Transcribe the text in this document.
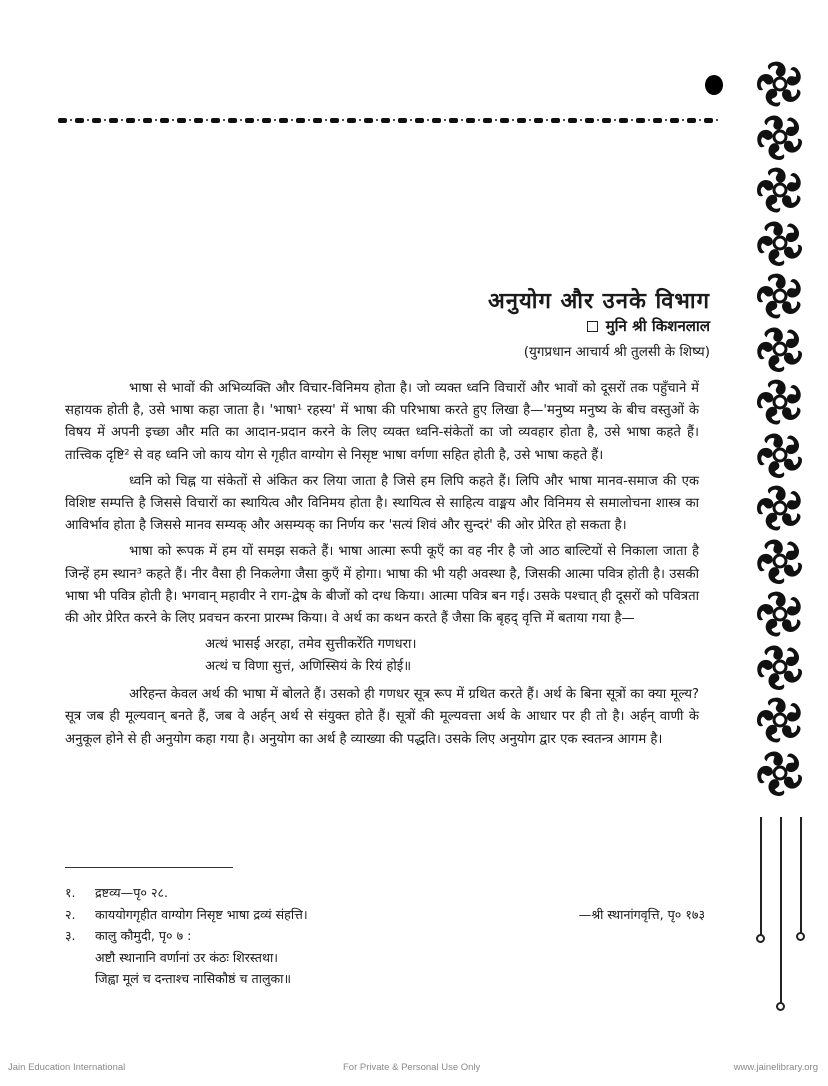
अनुयोग और उनके विभाग
मुनि श्री किशनलाल
(युगप्रधान आचार्य श्री तुलसी के शिष्य)

भाषा से भावों की अभिव्यक्ति और विचार-विनिमय होता है। जो व्यक्त ध्वनि विचारों और भावों को दूसरों तक पहुँचाने में सहायक होती है, उसे भाषा कहा जाता है। 'भाषा¹ रहस्य' में भाषा की परिभाषा करते हुए लिखा है—'मनुष्य मनुष्य के बीच वस्तुओं के विषय में अपनी इच्छा और मति का आदान-प्रदान करने के लिए व्यक्त ध्वनि-संकेतों का जो व्यवहार होता है, उसे भाषा कहते हैं। तात्त्विक दृष्टि² से वह ध्वनि जो काय योग से गृहीत वाग्योग से निसृष्ट भाषा वर्गणा सहित होती है, उसे भाषा कहते हैं।

ध्वनि को चिह्न या संकेतों से अंकित कर लिया जाता है जिसे हम लिपि कहते हैं। लिपि और भाषा मानव-समाज की एक विशिष्ट सम्पत्ति है जिससे विचारों का स्थायित्व और विनिमय होता है। स्थायित्व से साहित्य वाङ्मय और विनिमय से समालोचना शास्त्र का आविर्भाव होता है जिससे मानव सम्यक् और असम्यक् का निर्णय कर 'सत्यं शिवं और सुन्दरं' की ओर प्रेरित हो सकता है।

भाषा को रूपक में हम यों समझ सकते हैं। भाषा आत्मा रूपी कूएँ का वह नीर है जो आठ बाल्टियों से निकाला जाता है जिन्हें हम स्थान³ कहते हैं। नीर वैसा ही निकलेगा जैसा कुएँ में होगा। भाषा की भी यही अवस्था है, जिसकी आत्मा पवित्र होती है। उसकी भाषा भी पवित्र होती है। भगवान् महावीर ने राग-द्वेष के बीजों को दग्ध किया। आत्मा पवित्र बन गई। उसके पश्चात् ही दूसरों को पवित्रता की ओर प्रेरित करने के लिए प्रवचन करना प्रारम्भ किया। वे अर्थ का कथन करते हैं जैसा कि बृहद् वृत्ति में बताया गया है—

अत्थं भासई अरहा, तमेव सुत्तीकरेंति गणधरा।
अत्थं च विणा सुत्तं, अणिस्सियं के रियं होई॥

अरिहन्त केवल अर्थ की भाषा में बोलते हैं। उसको ही गणधर सूत्र रूप में ग्रथित करते हैं। अर्थ के बिना सूत्रों का क्या मूल्य? सूत्र जब ही मूल्यवान् बनते हैं, जब वे अर्हन् अर्थ से संयुक्त होते हैं। सूत्रों की मूल्यवत्ता अर्थ के आधार पर ही तो है। अर्हन् वाणी के अनुकूल होने से ही अनुयोग कहा गया है। अनुयोग का अर्थ है व्याख्या की पद्धति। उसके लिए अनुयोग द्वार एक स्वतन्त्र आगम है।

१.	द्रष्टव्य—पृ० २८.
२.	काययोगगृहीत वाग्योग निसृष्ट भाषा द्रव्यं संहत्ति।	—श्री स्थानांगवृत्ति, पृ० १७३
३.	कालु कौमुदी, पृ० ७ :
अष्टौ स्थानानि वर्णानां उर कंठः शिरस्तथा।
जिह्वा मूलं च दन्ताश्च नासिकौष्ठं च तालुका॥
Jain Education International	For Private & Personal Use Only	www.jainelibrary.org
